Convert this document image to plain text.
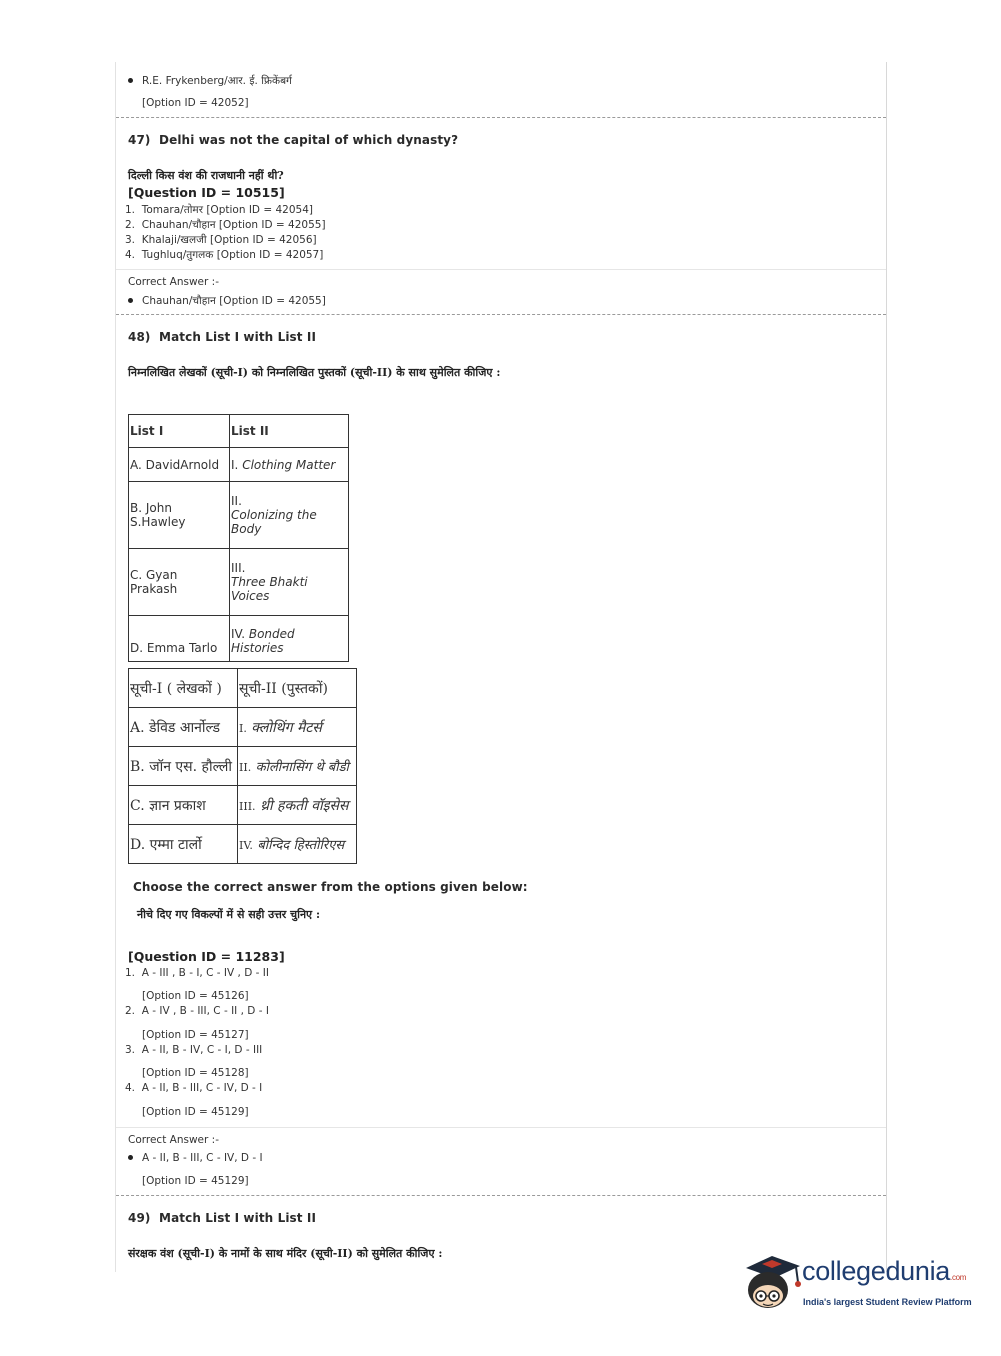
R.E. Frykenberg/आर. ई. फ्रिकेंबर्ग
[Option ID = 42052]
47) Delhi was not the capital of which dynasty?
दिल्ली किस वंश की राजधानी नहीं थी?
[Question ID = 10515]
1. Tomara/तोमर [Option ID = 42054]
2. Chauhan/चौहान [Option ID = 42055]
3. Khalaji/खलजी [Option ID = 42056]
4. Tughluq/तुगलक [Option ID = 42057]
Correct Answer :-
Chauhan/चौहान [Option ID = 42055]
48) Match List I with List II
निम्नलिखित लेखकों (सूची-I) को निम्नलिखित पुस्तकों (सूची-II) के साथ सुमेलित कीजिए :
List I	List II
A. DavidArnold	I. Clothing Matter
B. John S.Hawley	II.
Colonizing the Body
C. Gyan Prakash	III.
Three Bhakti Voices
D. Emma Tarlo	IV. Bonded Histories
सूची-I ( लेखकों )	सूची-II (पुस्तकों)
A. डेविड आर्नोल्ड	I. क्लोथिंग मैटर्स
B. जॉन एस. हौल्ली	II. कोलीनासिंग थे बौडी
C. ज्ञान प्रकाश	III. थ्री हकती वॉइसेस
D. एम्मा टार्लो	IV. बोन्दिद हिस्तोरिएस
Choose the correct answer from the options given below:
नीचे दिए गए विकल्पों में से सही उत्तर चुनिए :
[Question ID = 11283]
1. A - III , B - I, C - IV , D - II
[Option ID = 45126]
2. A - IV , B - III, C - II , D - I
[Option ID = 45127]
3. A - II, B - IV, C - I, D - III
[Option ID = 45128]
4. A - II, B - III, C - IV, D - I
[Option ID = 45129]
Correct Answer :-
A - II, B - III, C - IV, D - I
[Option ID = 45129]
49) Match List I with List II
संरक्षक वंश (सूची-I) के नामों के साथ मंदिर (सूची-II) को सुमेलित कीजिए :
collegedunia.com
India's largest Student Review Platform
